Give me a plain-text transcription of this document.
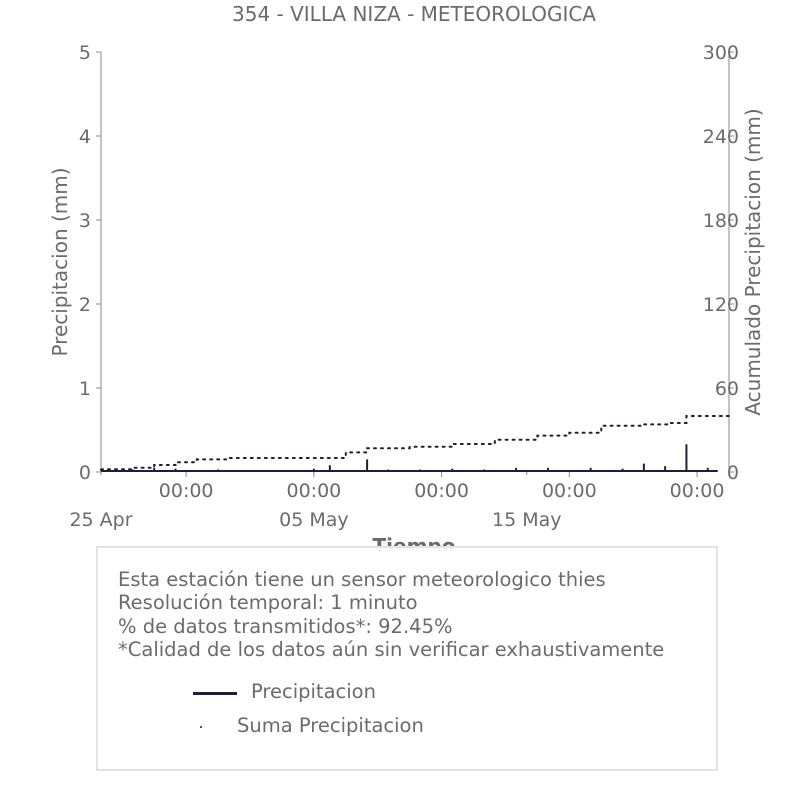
354 - VILLA NIZA - METEOROLOGICA
0
1
2
3
4
5
0
60
120
180
240
300
00:00	00:00	00:00	00:00	00:00
25 Apr	05 May	15 May
Precipitacion (mm)	Acumulado Precipitacion (mm)
Esta estación tiene un sensor meteorologico thies
Resolución temporal: 1 minuto
% de datos transmitidos*: 92.45%
*Calidad de los datos aún sin verificar exhaustivamente
Precipitacion
Suma Precipitacion
